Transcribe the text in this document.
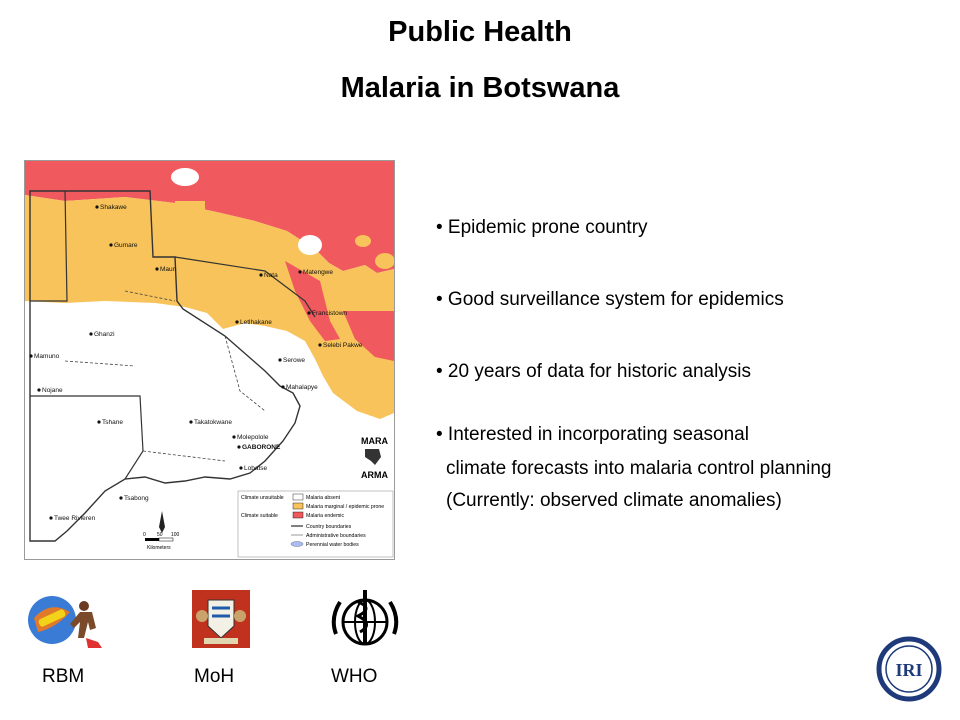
Public Health
Malaria in Botswana
Shakawe
Gumare
Maun
Nata	Matengwe
Francistown
Letlhakane
Ghanzi
Serowe
Selebi Pakwe
Mamuno
Mahalapye
Nojane
Tshane	Takatokwane
Molepolole
GABORONE
Lobatse
Tsabong
Twee Rivieren
MARA
ARMA
0 50 100
Kilometers
Climate unsuitable	Malaria absent
Climate suitable
Malaria marginal / epidemic prone
Malaria endemic
Country boundaries
Administrative boundaries
Perennial water bodies
• Epidemic prone country
• Good surveillance system for epidemics
• 20 years of data for historic analysis
• Interested in incorporating seasonal
climate forecasts into malaria control planning
(Currently: observed climate anomalies)
RBM	MoH	WHO	IRI
